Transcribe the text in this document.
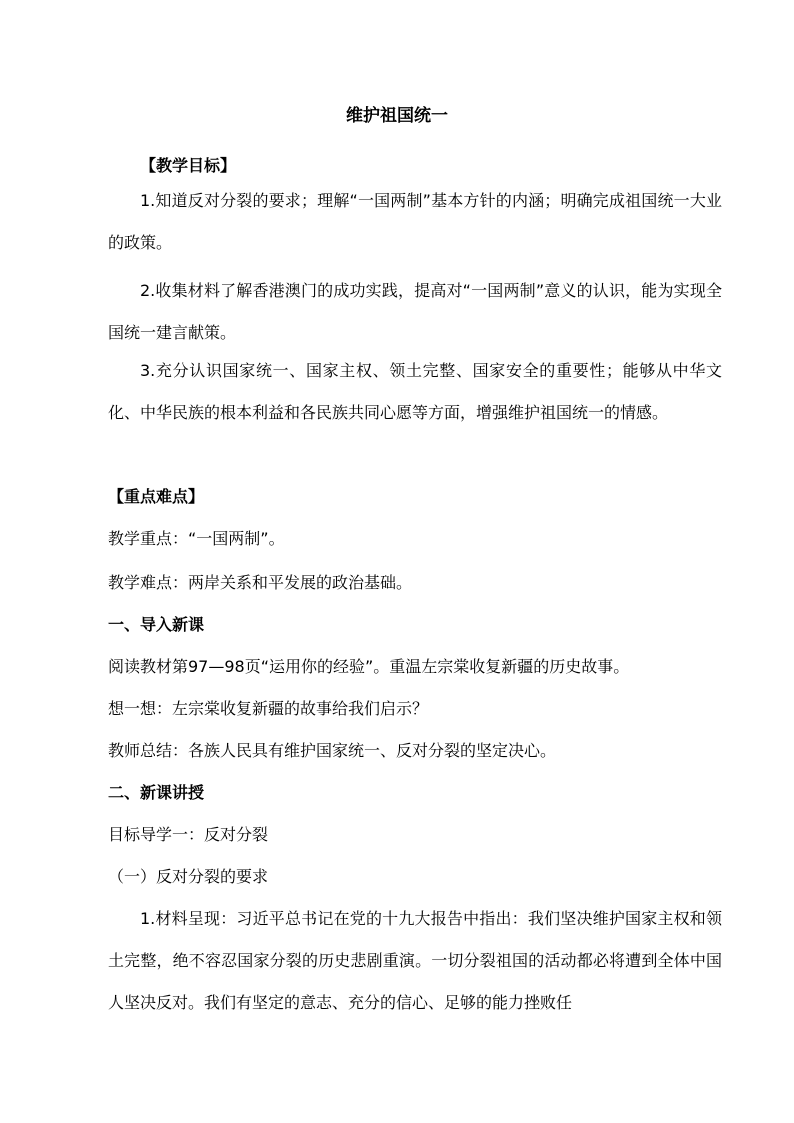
维护祖国统一

【教学目标】

1.知道反对分裂的要求；理解“一国两制”基本方针的内涵；明确完成祖国统一大业的政策。

2.收集材料了解香港澳门的成功实践，提高对“一国两制”意义的认识，能为实现全国统一建言献策。

3.充分认识国家统一、国家主权、领土完整、国家安全的重要性；能够从中华文化、中华民族的根本利益和各民族共同心愿等方面，增强维护祖国统一的情感。

【重点难点】

教学重点：“一国两制”。

教学难点：两岸关系和平发展的政治基础。

一、导入新课

阅读教材第97—98页“运用你的经验”。重温左宗棠收复新疆的历史故事。

想一想：左宗棠收复新疆的故事给我们启示？

教师总结：各族人民具有维护国家统一、反对分裂的坚定决心。

二、新课讲授

目标导学一：反对分裂

（一）反对分裂的要求

1.材料呈现：习近平总书记在党的十九大报告中指出：我们坚决维护国家主权和领土完整，绝不容忍国家分裂的历史悲剧重演。一切分裂祖国的活动都必将遭到全体中国人坚决反对。我们有坚定的意志、充分的信心、足够的能力挫败任
